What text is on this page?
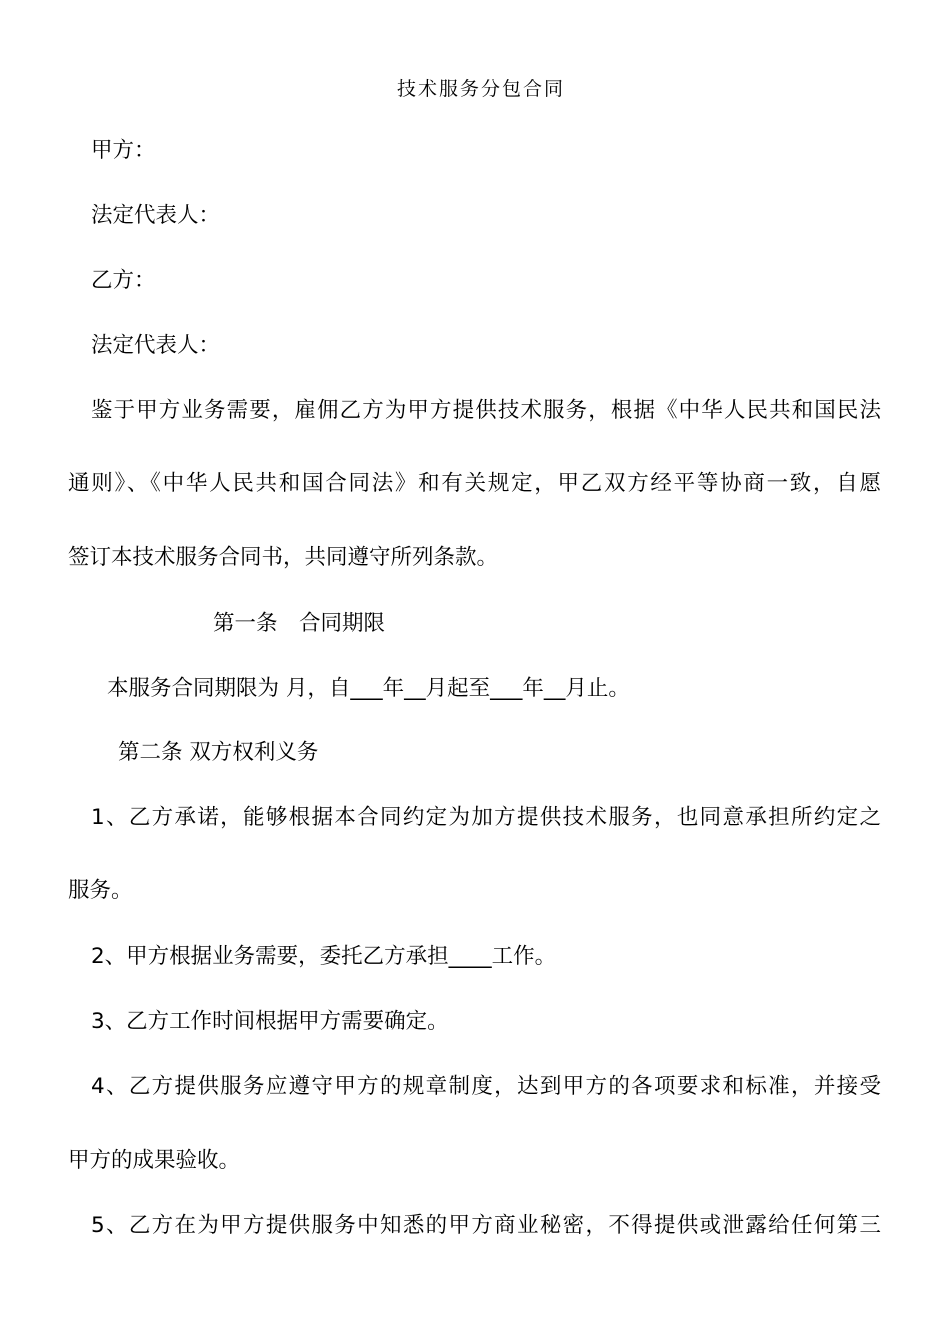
技术服务分包合同
甲方：
法定代表人：
乙方：
法定代表人：
鉴于甲方业务需要，雇佣乙方为甲方提供技术服务，根据《中华人民共和国民法
通则》、《中华人民共和国合同法》和有关规定，甲乙双方经平等协商一致，自愿
签订本技术服务合同书，共同遵守所列条款。
第一条　合同期限
本服务合同期限为 月，自___年__月起至___年__月止。
第二条 双方权利义务
1、乙方承诺，能够根据本合同约定为加方提供技术服务，也同意承担所约定之
服务。
2、甲方根据业务需要，委托乙方承担____工作。
3、乙方工作时间根据甲方需要确定。
4、乙方提供服务应遵守甲方的规章制度，达到甲方的各项要求和标准，并接受
甲方的成果验收。
5、乙方在为甲方提供服务中知悉的甲方商业秘密，不得提供或泄露给任何第三
